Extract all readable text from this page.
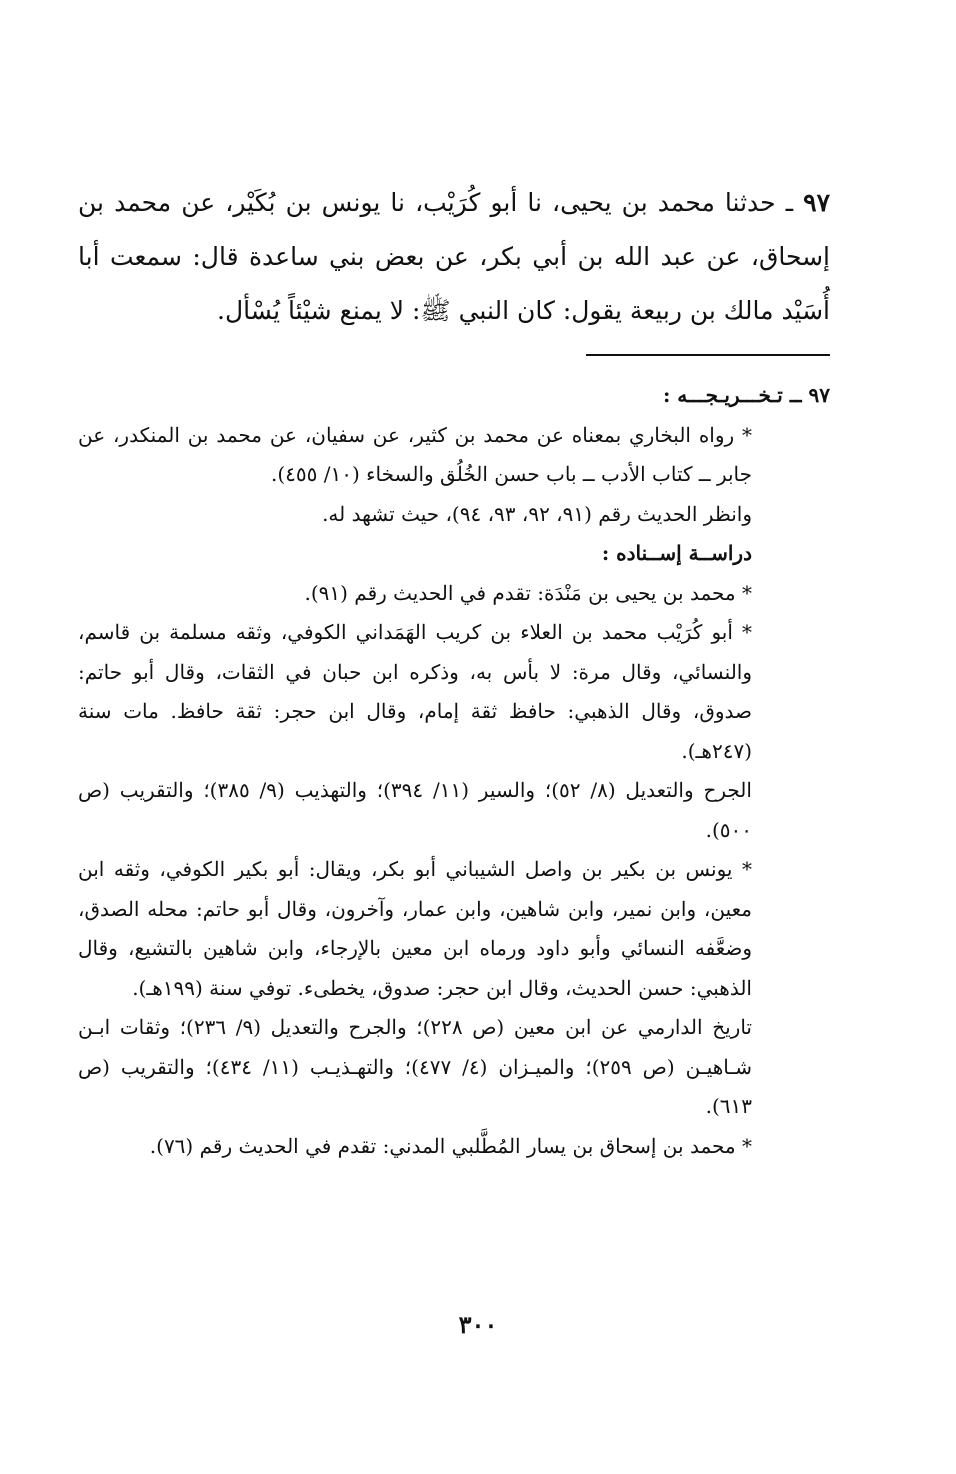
٩٧ ـ حدثنا محمد بن يحيى، نا أبو كُرَيْب، نا يونس بن بُكَيْر، عن محمد بن إسحاق، عن عبد الله بن أبي بكر، عن بعض بني ساعدة قال: سمعت أبا أُسَيْد مالك بن ربيعة يقول: كان النبي ﷺ: لا يمنع شيْئاً يُسْأل.
٩٧ ــ تـخـــريـجـــه :

* رواه البخاري بمعناه عن محمد بن كثير، عن سفيان، عن محمد بن المنكدر، عن جابر ــ كتاب الأدب ــ باب حسن الخُلُق والسخاء (١٠/ ٤٥٥).

وانظر الحديث رقم (٩١، ٩٢، ٩٣، ٩٤)، حيث تشهد له.

دراســة إســناده :

* محمد بن يحيى بن مَنْدَة: تقدم في الحديث رقم (٩١).

* أبو كُرَيْب محمد بن العلاء بن كريب الهَمَداني الكوفي، وثقه مسلمة بن قاسم، والنسائي، وقال مرة: لا بأس به، وذكره ابن حبان في الثقات، وقال أبو حاتم: صدوق، وقال الذهبي: حافظ ثقة إمام، وقال ابن حجر: ثقة حافظ. مات سنة (٢٤٧هـ).

الجرح والتعديل (٨/ ٥٢)؛ والسير (١١/ ٣٩٤)؛ والتهذيب (٩/ ٣٨٥)؛ والتقريب (ص ٥٠٠).

* يونس بن بكير بن واصل الشيباني أبو بكر، ويقال: أبو بكير الكوفي، وثقه ابن معين، وابن نمير، وابن شاهين، وابن عمار، وآخرون، وقال أبو حاتم: محله الصدق، وضعَّفه النسائي وأبو داود ورماه ابن معين بالإرجاء، وابن شاهين بالتشيع، وقال الذهبي: حسن الحديث، وقال ابن حجر: صدوق، يخطىء. توفي سنة (١٩٩هـ).

تاريخ الدارمي عن ابن معين (ص ٢٢٨)؛ والجرح والتعديل (٩/ ٢٣٦)؛ وثقات ابـن شـاهيـن (ص ٢٥٩)؛ والميـزان (٤/ ٤٧٧)؛ والتهـذيـب (١١/ ٤٣٤)؛ والتقريب (ص ٦١٣).

* محمد بن إسحاق بن يسار المُطَّلبي المدني: تقدم في الحديث رقم (٧٦).

٣٠٠
